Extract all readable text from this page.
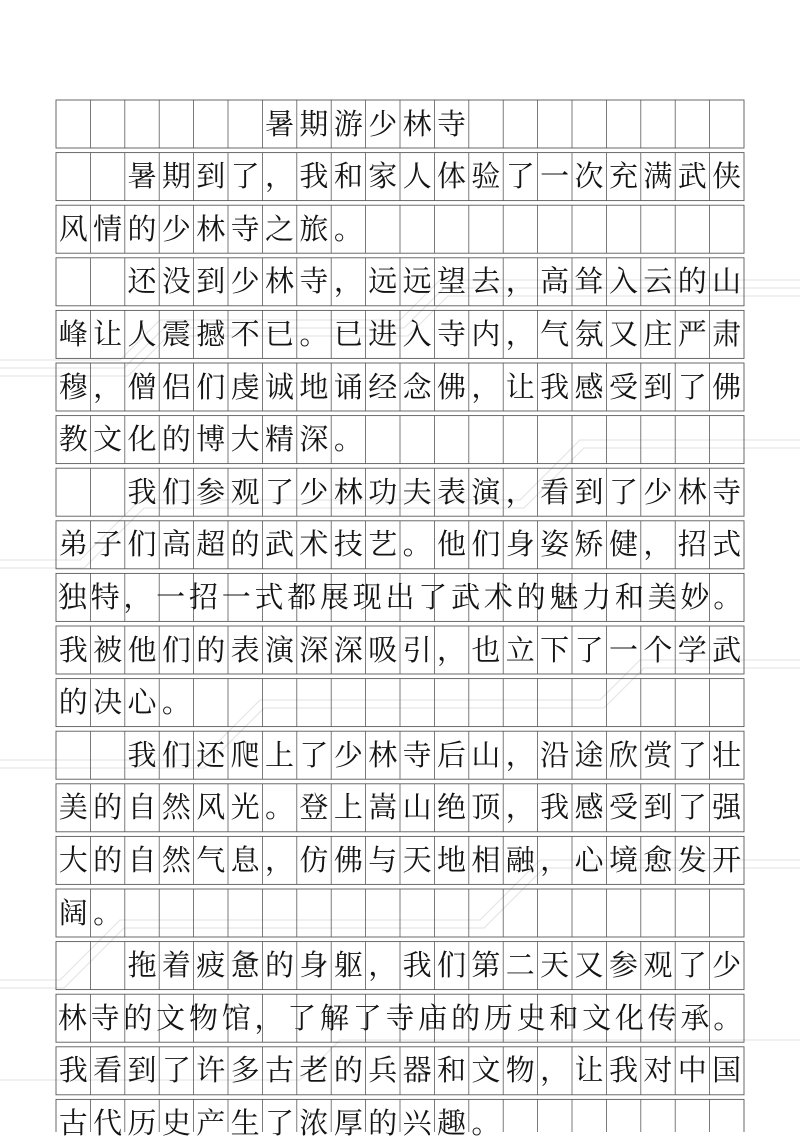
暑 期 游 少 林 寺
暑 期 到 了 ， 我 和 家 人 体 验 了 一 次 充 满 武 侠
风 情 的 少 林 寺 之 旅 。
还 没 到 少 林 寺 ， 远 远 望 去 ， 高 耸 入 云 的 山
峰 让 人 震 撼 不 已 。 已 进 入 寺 内 ， 气 氛 又 庄 严 肃
穆 ， 僧 侣 们 虔 诚 地 诵 经 念 佛 ， 让 我 感 受 到 了 佛
教 文 化 的 博 大 精 深 。
我 们 参 观 了 少 林 功 夫 表 演 ， 看 到 了 少 林 寺
弟 子 们 高 超 的 武 术 技 艺 。 他 们 身 姿 矫 健 ， 招 式
独 特 ， 一 招 一 式 都 展 现 出 了 武 术 的 魅 力 和 美 妙 。
我 被 他 们 的 表 演 深 深 吸 引 ， 也 立 下 了 一 个 学 武
的 决 心 。
我 们 还 爬 上 了 少 林 寺 后 山 ， 沿 途 欣 赏 了 壮
美 的 自 然 风 光 。 登 上 嵩 山 绝 顶 ， 我 感 受 到 了 强
大 的 自 然 气 息 ， 仿 佛 与 天 地 相 融 ， 心 境 愈 发 开
阔 。
拖 着 疲 惫 的 身 躯 ， 我 们 第 二 天 又 参 观 了 少
林 寺 的 文 物 馆 ， 了 解 了 寺 庙 的 历 史 和 文 化 传 承 。
我 看 到 了 许 多 古 老 的 兵 器 和 文 物 ， 让 我 对 中 国
古 代 历 史 产 生 了 浓 厚 的 兴 趣 。
